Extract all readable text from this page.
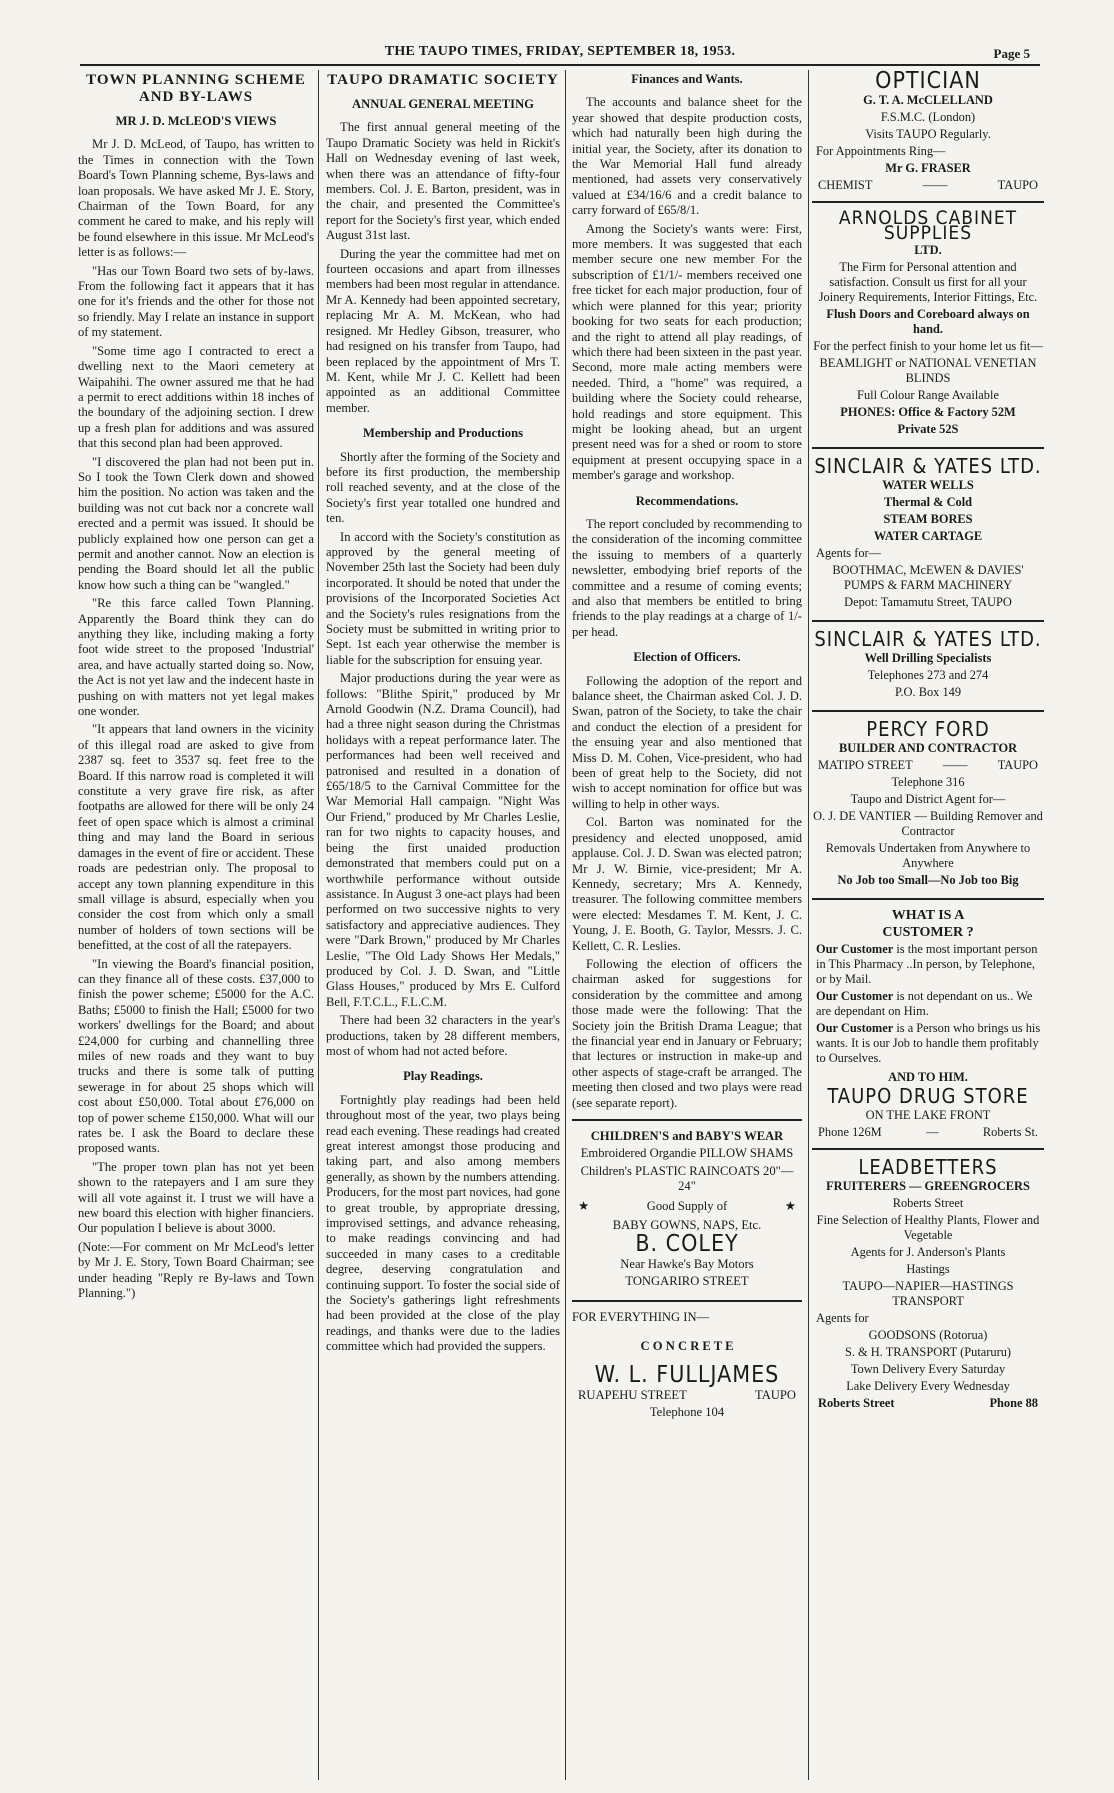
THE TAUPO TIMES, FRIDAY, SEPTEMBER 18, 1953.	Page 5
TOWN PLANNING SCHEME AND BY-LAWS
MR J. D. McLEOD'S VIEWS

Mr J. D. McLeod, of Taupo, has written to the Times in connection with the Town Board's Town Planning scheme, Bys-laws and loan proposals. We have asked Mr J. E. Story, Chairman of the Town Board, for any comment he cared to make, and his reply will be found elsewhere in this issue. Mr McLeod's letter is as follows:—

"Has our Town Board two sets of by-laws. From the following fact it appears that it has one for it's friends and the other for those not so friendly. May I relate an instance in support of my statement.

"Some time ago I contracted to erect a dwelling next to the Maori cemetery at Waipahihi. The owner assured me that he had a permit to erect additions within 18 inches of the boundary of the adjoining section. I drew up a fresh plan for additions and was assured that this second plan had been approved.

"I discovered the plan had not been put in. So I took the Town Clerk down and showed him the position. No action was taken and the building was not cut back nor a concrete wall erected and a permit was issued. It should be publicly explained how one person can get a permit and another cannot. Now an election is pending the Board should let all the public know how such a thing can be "wangled."

"Re this farce called Town Planning. Apparently the Board think they can do anything they like, including making a forty foot wide street to the proposed 'Industrial' area, and have actually started doing so. Now, the Act is not yet law and the indecent haste in pushing on with matters not yet legal makes one wonder.

"It appears that land owners in the vicinity of this illegal road are asked to give from 2387 sq. feet to 3537 sq. feet free to the Board. If this narrow road is completed it will constitute a very grave fire risk, as after footpaths are allowed for there will be only 24 feet of open space which is almost a criminal thing and may land the Board in serious damages in the event of fire or accident. These roads are pedestrian only. The proposal to accept any town planning expenditure in this small village is absurd, especially when you consider the cost from which only a small number of holders of town sections will be benefitted, at the cost of all the ratepayers.

"In viewing the Board's financial position, can they finance all of these costs. £37,000 to finish the power scheme; £5000 for the A.C. Baths; £5000 to finish the Hall; £5000 for two workers' dwellings for the Board; and about £24,000 for curbing and channelling three miles of new roads and they want to buy trucks and there is some talk of putting sewerage in for about 25 shops which will cost about £50,000. Total about £76,000 on top of power scheme £150,000. What will our rates be. I ask the Board to declare these proposed wants.

"The proper town plan has not yet been shown to the ratepayers and I am sure they will all vote against it. I trust we will have a new board this election with higher financiers. Our population I believe is about 3000.

(Note:—For comment on Mr McLeod's letter by Mr J. E. Story, Town Board Chairman; see under heading "Reply re By-laws and Town Planning.")

TAUPO DRAMATIC SOCIETY
ANNUAL GENERAL MEETING

The first annual general meeting of the Taupo Dramatic Society was held in Rickit's Hall on Wednesday evening of last week, when there was an attendance of fifty-four members. Col. J. E. Barton, president, was in the chair, and presented the Committee's report for the Society's first year, which ended August 31st last.

During the year the committee had met on fourteen occasions and apart from illnesses members had been most regular in attendance. Mr A. Kennedy had been appointed secretary, replacing Mr A. M. McKean, who had resigned. Mr Hedley Gibson, treasurer, who had resigned on his transfer from Taupo, had been replaced by the appointment of Mrs T. M. Kent, while Mr J. C. Kellett had been appointed as an additional Committee member.

Membership and Productions

Shortly after the forming of the Society and before its first production, the membership roll reached seventy, and at the close of the Society's first year totalled one hundred and ten.

In accord with the Society's constitution as approved by the general meeting of November 25th last the Society had been duly incorporated. It should be noted that under the provisions of the Incorporated Societies Act and the Society's rules resignations from the Society must be submitted in writing prior to Sept. 1st each year otherwise the member is liable for the subscription for ensuing year.

Major productions during the year were as follows: "Blithe Spirit," produced by Mr Arnold Goodwin (N.Z. Drama Council), had had a three night season during the Christmas holidays with a repeat performance later. The performances had been well received and patronised and resulted in a donation of £65/18/5 to the Carnival Committee for the War Memorial Hall campaign. "Night Was Our Friend," produced by Mr Charles Leslie, ran for two nights to capacity houses, and being the first unaided production demonstrated that members could put on a worthwhile performance without outside assistance. In August 3 one-act plays had been performed on two successive nights to very satisfactory and appreciative audiences. They were "Dark Brown," produced by Mr Charles Leslie, "The Old Lady Shows Her Medals," produced by Col. J. D. Swan, and "Little Glass Houses," produced by Mrs E. Culford Bell, F.T.C.L., F.L.C.M.

There had been 32 characters in the year's productions, taken by 28 different members, most of whom had not acted before.

Play Readings.

Fortnightly play readings had been held throughout most of the year, two plays being read each evening. These readings had created great interest amongst those producing and taking part, and also among members generally, as shown by the numbers attending. Producers, for the most part novices, had gone to great trouble, by appropriate dressing, improvised settings, and advance reheasing, to make readings convincing and had succeeded in many cases to a creditable degree, deserving congratulation and continuing support. To foster the social side of the Society's gatherings light refreshments had been provided at the close of the play readings, and thanks were due to the ladies committee which had provided the suppers.

Finances and Wants.

The accounts and balance sheet for the year showed that despite production costs, which had naturally been high during the initial year, the Society, after its donation to the War Memorial Hall fund already mentioned, had assets very conservatively valued at £34/16/6 and a credit balance to carry forward of £65/8/1.

Among the Society's wants were: First, more members. It was suggested that each member secure one new member For the subscription of £1/1/- members received one free ticket for each major production, four of which were planned for this year; priority booking for two seats for each production; and the right to attend all play readings, of which there had been sixteen in the past year. Second, more male acting members were needed. Third, a "home" was required, a building where the Society could rehearse, hold readings and store equipment. This might be looking ahead, but an urgent present need was for a shed or room to store equipment at present occupying space in a member's garage and workshop.

Recommendations.

The report concluded by recommending to the consideration of the incoming committee the issuing to members of a quarterly newsletter, embodying brief reports of the committee and a resume of coming events; and also that members be entitled to bring friends to the play readings at a charge of 1/- per head.

Election of Officers.

Following the adoption of the report and balance sheet, the Chairman asked Col. J. D. Swan, patron of the Society, to take the chair and conduct the election of a president for the ensuing year and also mentioned that Miss D. M. Cohen, Vice-president, who had been of great help to the Society, did not wish to accept nomination for office but was willing to help in other ways.

Col. Barton was nominated for the presidency and elected unopposed, amid applause. Col. J. D. Swan was elected patron; Mr J. W. Birnie, vice-president; Mr A. Kennedy, secretary; Mrs A. Kennedy, treasurer. The following committee members were elected: Mesdames T. M. Kent, J. C. Young, J. E. Booth, G. Taylor, Messrs. J. C. Kellett, C. R. Leslies.

Following the election of officers the chairman asked for suggestions for consideration by the committee and among those made were the following: That the Society join the British Drama League; that the financial year end in January or February; that lectures or instruction in make-up and other aspects of stage-craft be arranged. The meeting then closed and two plays were read (see separate report).

CHILDREN'S and BABY'S WEAR
Embroidered Organdie PILLOW SHAMS
Children's PLASTIC RAINCOATS 20"—24"
★	Good Supply of	★
BABY GOWNS, NAPS, Etc.
B. COLEY
Near Hawke's Bay Motors
TONGARIRO STREET
FOR EVERYTHING IN—
C O N C R E T E
W. L. FULLJAMES
RUAPEHU STREET	TAUPO
Telephone 104
OPTICIAN
G. T. A. McCLELLAND
F.S.M.C. (London)
Visits TAUPO Regularly.
For Appointments Ring—
Mr G. FRASER
CHEMIST	——	TAUPO
ARNOLDS CABINET SUPPLIES
LTD.
The Firm for Personal attention and satisfaction. Consult us first for all your Joinery Requirements, Interior Fittings, Etc.
Flush Doors and Coreboard always on hand.
For the perfect finish to your home let us fit—
BEAMLIGHT or NATIONAL VENETIAN BLINDS
Full Colour Range Available
PHONES: Office & Factory 52M
Private 52S
SINCLAIR & YATES LTD.
WATER WELLS
Thermal & Cold
STEAM BORES
WATER CARTAGE
Agents for—
BOOTHMAC, McEWEN & DAVIES' PUMPS & FARM MACHINERY
Depot: Tamamutu Street, TAUPO
SINCLAIR & YATES LTD.
Well Drilling Specialists
Telephones 273 and 274
P.O. Box 149
PERCY FORD
BUILDER AND CONTRACTOR
MATIPO STREET —— TAUPO
Telephone 316
Taupo and District Agent for—
O. J. DE VANTIER — Building Remover and Contractor
Removals Undertaken from Anywhere to Anywhere
No Job too Small—No Job too Big
WHAT IS A
CUSTOMER ?
Our Customer is the most important person in This Pharmacy ..In person, by Telephone, or by Mail.
Our Customer is not dependant on us.. We are dependant on Him.
Our Customer is a Person who brings us his wants. It is our Job to handle them profitably to Ourselves.
AND TO HIM.
TAUPO DRUG STORE
ON THE LAKE FRONT
Phone 126M	—	Roberts St.
LEADBETTERS
FRUITERERS — GREENGROCERS
Roberts Street
Fine Selection of Healthy Plants, Flower and Vegetable
Agents for J. Anderson's Plants
Hastings
TAUPO—NAPIER—HASTINGS TRANSPORT
Agents for
GOODSONS (Rotorua)
S. & H. TRANSPORT (Putaruru)
Town Delivery Every Saturday
Lake Delivery Every Wednesday
Roberts Street	Phone 88
